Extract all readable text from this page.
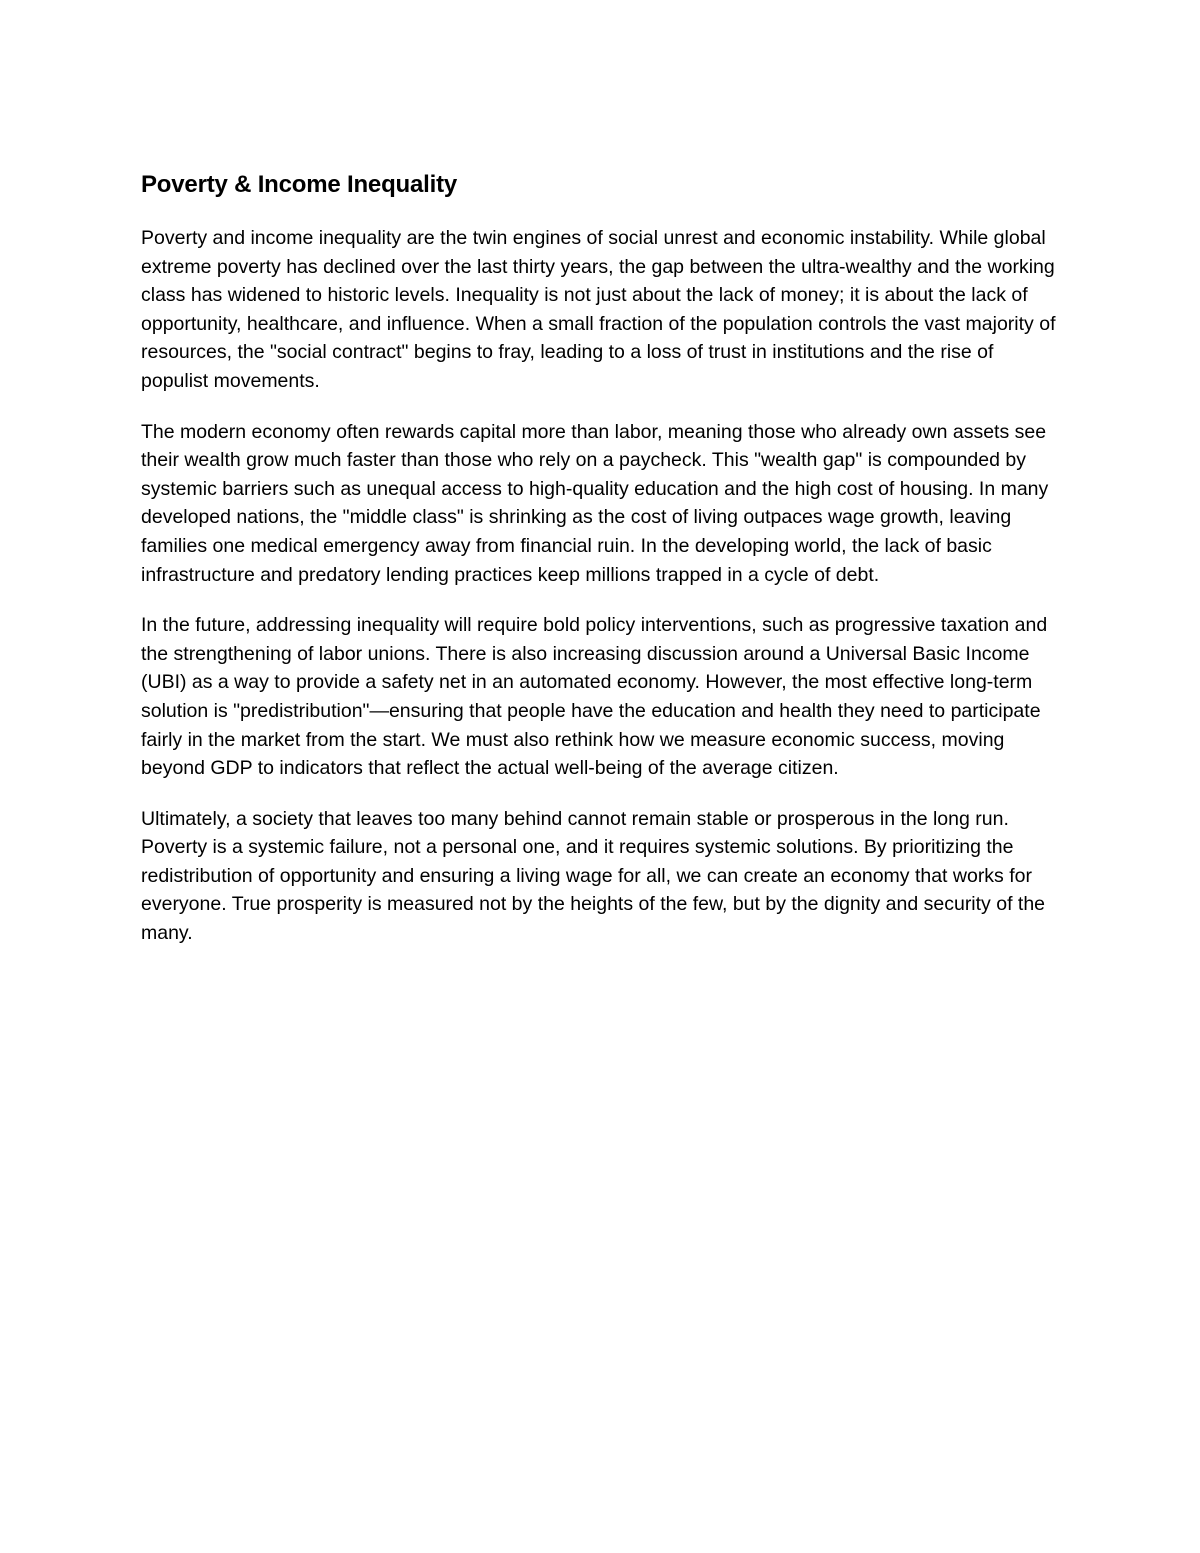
Poverty & Income Inequality

Poverty and income inequality are the twin engines of social unrest and economic instability. While global extreme poverty has declined over the last thirty years, the gap between the ultra-wealthy and the working class has widened to historic levels. Inequality is not just about the lack of money; it is about the lack of opportunity, healthcare, and influence. When a small fraction of the population controls the vast majority of resources, the "social contract" begins to fray, leading to a loss of trust in institutions and the rise of populist movements.

The modern economy often rewards capital more than labor, meaning those who already own assets see their wealth grow much faster than those who rely on a paycheck. This "wealth gap" is compounded by systemic barriers such as unequal access to high-quality education and the high cost of housing. In many developed nations, the "middle class" is shrinking as the cost of living outpaces wage growth, leaving families one medical emergency away from financial ruin. In the developing world, the lack of basic infrastructure and predatory lending practices keep millions trapped in a cycle of debt.

In the future, addressing inequality will require bold policy interventions, such as progressive taxation and the strengthening of labor unions. There is also increasing discussion around a Universal Basic Income (UBI) as a way to provide a safety net in an automated economy. However, the most effective long-term solution is "predistribution"—ensuring that people have the education and health they need to participate fairly in the market from the start. We must also rethink how we measure economic success, moving beyond GDP to indicators that reflect the actual well-being of the average citizen.

Ultimately, a society that leaves too many behind cannot remain stable or prosperous in the long run. Poverty is a systemic failure, not a personal one, and it requires systemic solutions. By prioritizing the redistribution of opportunity and ensuring a living wage for all, we can create an economy that works for everyone. True prosperity is measured not by the heights of the few, but by the dignity and security of the many.
